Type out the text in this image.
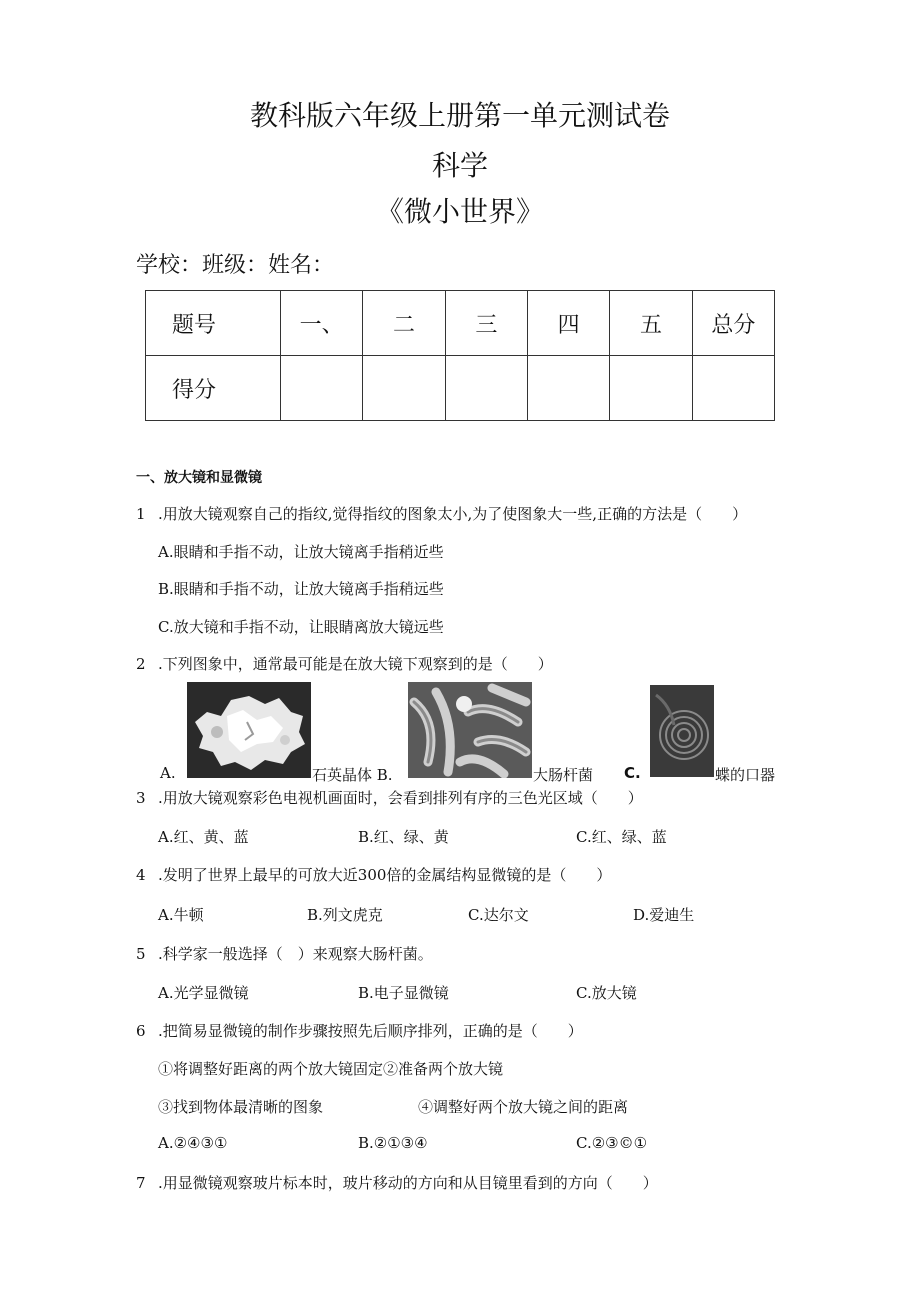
教科版六年级上册第一单元测试卷
科学
《微小世界》
学校：班级：姓名：
题号	一、	二	三	四	五	总分
得分						
一、放大镜和显微镜
1 .用放大镜观察自己的指纹,觉得指纹的图象太小,为了使图象大一些,正确的方法是（　　）
A.眼睛和手指不动，让放大镜离手指稍近些
B.眼睛和手指不动，让放大镜离手指稍远些
C.放大镜和手指不动，让眼睛离放大镜远些
2 .下列图象中，通常最可能是在放大镜下观察到的是（　　）
A.	石英晶体 B.	大肠杆菌 C.	蝶的口器
3 .用放大镜观察彩色电视机画面时，会看到排列有序的三色光区域（　　）
A.红、黄、蓝	B.红、绿、黄	C.红、绿、蓝
4 .发明了世界上最早的可放大近300倍的金属结构显微镜的是（　　）
A.牛顿	B.列文虎克	C.达尔文	D.爱迪生
5 .科学家一般选择（　）来观察大肠杆菌。
A.光学显微镜	B.电子显微镜	C.放大镜
6 .把简易显微镜的制作步骤按照先后顺序排列，正确的是（　　）
①将调整好距离的两个放大镜固定②准备两个放大镜
③找到物体最清晰的图象	④调整好两个放大镜之间的距离
A.②④③①	B.②①③④	C.②③©①
7 .用显微镜观察玻片标本时，玻片移动的方向和从目镜里看到的方向（　　）
